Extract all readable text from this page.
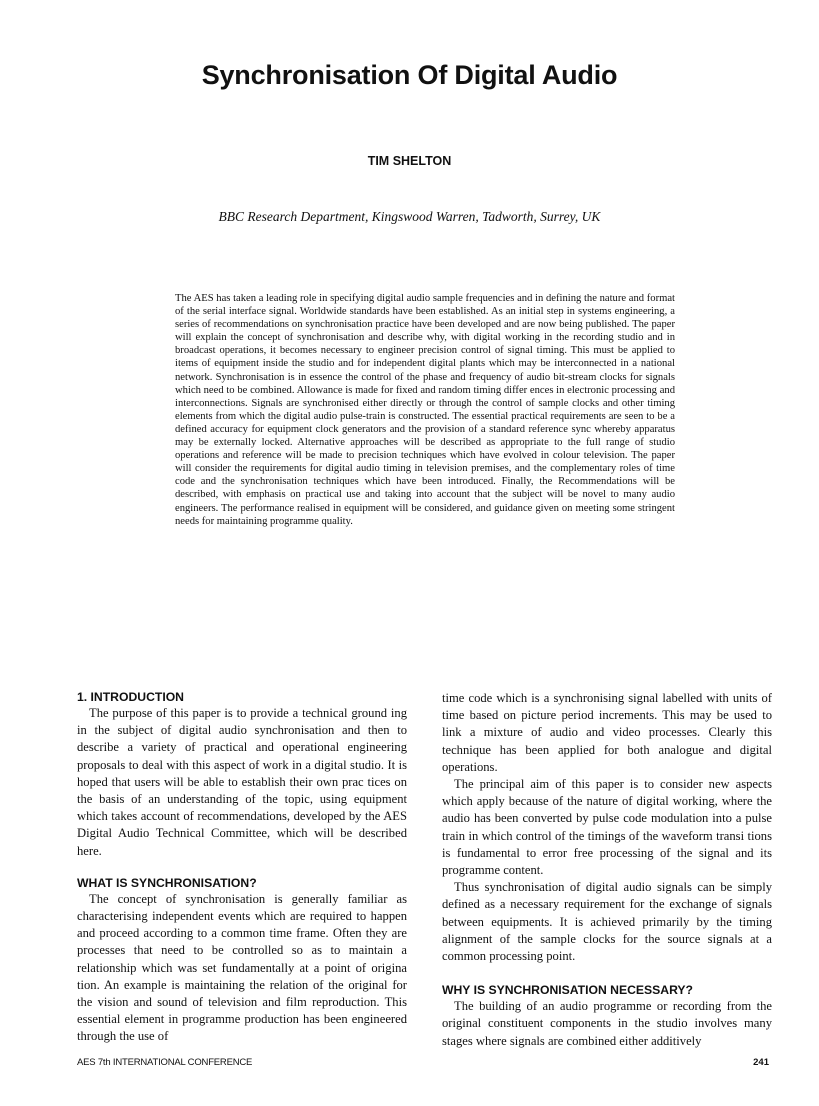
Synchronisation Of Digital Audio
TIM SHELTON
BBC Research Department, Kingswood Warren, Tadworth, Surrey, UK

The AES has taken a leading role in specifying digital audio sample frequencies and in defining the nature and format of the serial interface signal. Worldwide standards have been established. As an initial step in systems engineering, a series of recommendations on synchronisation practice have been developed and are now being published. The paper will explain the concept of synchronisation and describe why, with digital working in the recording studio and in broadcast operations, it becomes necessary to engineer precision control of signal timing. This must be applied to items of equipment inside the studio and for independent digital plants which may be interconnected in a national network. Synchronisation is in essence the control of the phase and frequency of audio bit-stream clocks for signals which need to be combined. Allowance is made for fixed and random timing differ ences in electronic processing and interconnections. Signals are synchronised either directly or through the control of sample clocks and other timing elements from which the digital audio pulse-train is constructed. The essential practical requirements are seen to be a defined accuracy for equipment clock generators and the provision of a standard reference sync whereby apparatus may be externally locked. Alternative approaches will be described as appropriate to the full range of studio operations and reference will be made to precision techniques which have evolved in colour television. The paper will consider the requirements for digital audio timing in television premises, and the complementary roles of time code and the synchronisation techniques which have been introduced. Finally, the Recommendations will be described, with emphasis on practical use and taking into account that the subject will be novel to many audio engineers. The performance realised in equipment will be considered, and guidance given on meeting some stringent needs for maintaining programme quality.

1. INTRODUCTION

The purpose of this paper is to provide a technical ground ing in the subject of digital audio synchronisation and then to describe a variety of practical and operational engineering proposals to deal with this aspect of work in a digital studio. It is hoped that users will be able to establish their own prac tices on the basis of an understanding of the topic, using equipment which takes account of recommendations, developed by the AES Digital Audio Technical Committee, which will be described here.

WHAT IS SYNCHRONISATION?

The concept of synchronisation is generally familiar as characterising independent events which are required to happen and proceed according to a common time frame. Often they are processes that need to be controlled so as to maintain a relationship which was set fundamentally at a point of origina tion. An example is maintaining the relation of the original for the vision and sound of television and film reproduction. This essential element in programme production has been engineered through the use of

time code which is a synchronising signal labelled with units of time based on picture period increments. This may be used to link a mixture of audio and video processes. Clearly this technique has been applied for both analogue and digital operations.

The principal aim of this paper is to consider new aspects which apply because of the nature of digital working, where the audio has been converted by pulse code modulation into a pulse train in which control of the timings of the waveform transi tions is fundamental to error free processing of the signal and its programme content.

Thus synchronisation of digital audio signals can be simply defined as a necessary requirement for the exchange of signals between equipments. It is achieved primarily by the timing alignment of the sample clocks for the source signals at a common processing point.

WHY IS SYNCHRONISATION NECESSARY?

The building of an audio programme or recording from the original constituent components in the studio involves many stages where signals are combined either additively

AES 7th INTERNATIONAL CONFERENCE	241
